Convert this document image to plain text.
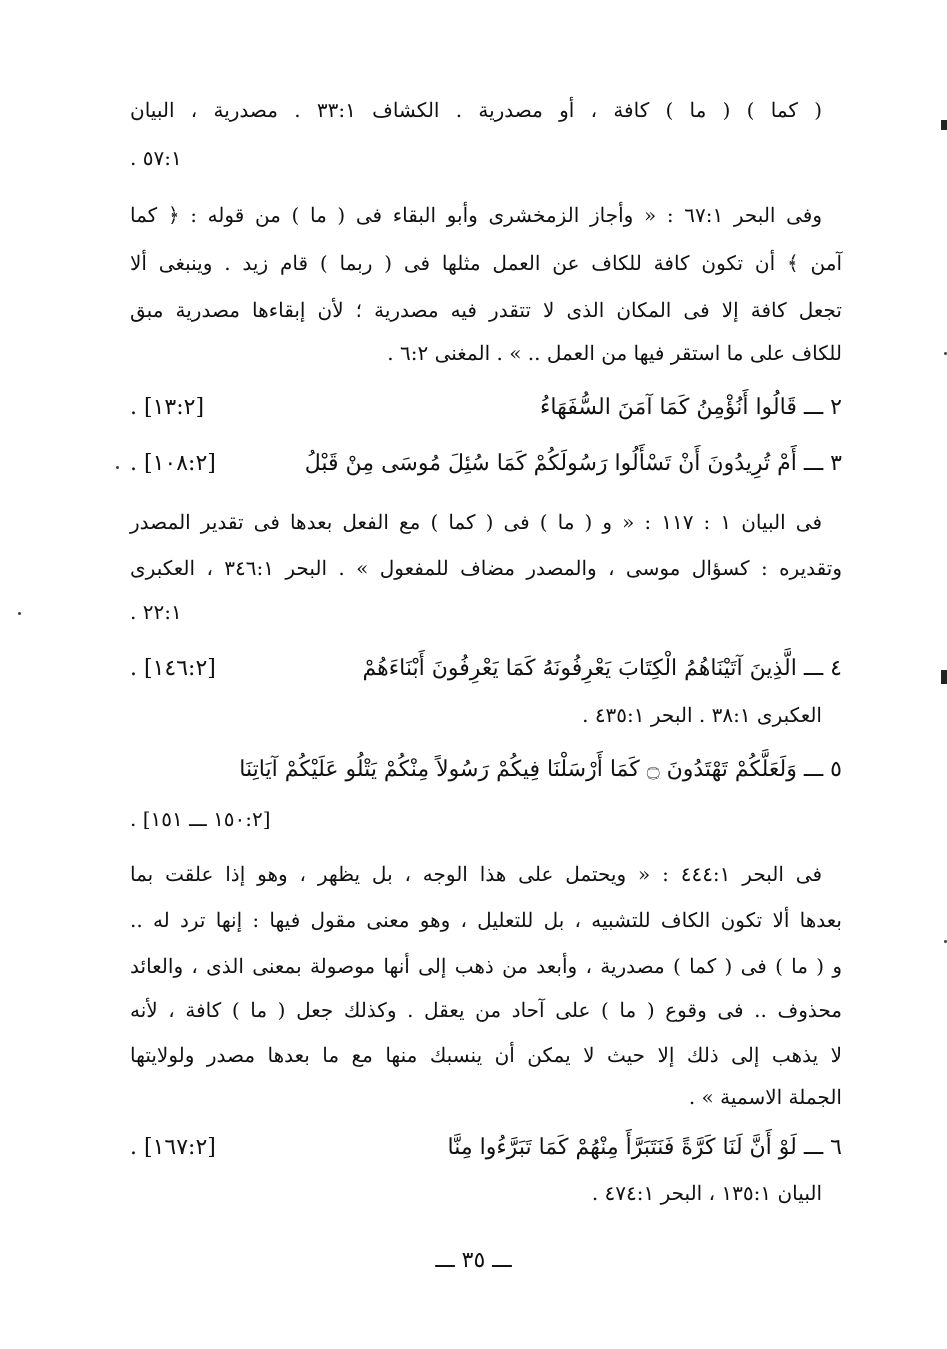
( كما ) ( ما ) كافة ، أو مصدرية . الكشاف ٣٣:١ . مصدرية ، البيان
. ٥٧:١
وفى البحر ٦٧:١ : « وأجاز الزمخشرى وأبو البقاء فى ( ما ) من قوله : ﴿ كما
آمن ﴾ أن تكون كافة للكاف عن العمل مثلها فى ( ربما ) قام زيد . وينبغى ألا
تجعل كافة إلا فى المكان الذى لا تتقدر فيه مصدرية ؛ لأن إبقاءها مصدرية مبق
للكاف على ما استقر فيها من العمل .. » . المغنى ٦:٢ .
٢ ـــ قَالُوا أَنُؤْمِنُ كَمَا آمَنَ السُّفَهَاءُ
[١٣:٢] .
٣ ـــ أَمْ تُرِيدُونَ أَنْ تَسْأَلُوا رَسُولَكُمْ كَمَا سُئِلَ مُوسَى مِنْ قَبْلُ
[١٠٨:٢] .
فى البيان ١ : ١١٧ : « و ( ما ) فى ( كما ) مع الفعل بعدها فى تقدير المصدر
وتقديره : كسؤال موسى ، والمصدر مضاف للمفعول » . البحر ٣٤٦:١ ، العكبرى
. ٢٢:١
٤ ـــ الَّذِينَ آتَيْنَاهُمُ الْكِتَابَ يَعْرِفُونَهُ كَمَا يَعْرِفُونَ أَبْنَاءَهُمْ
[١٤٦:٢] .
العكبرى ٣٨:١ . البحر ٤٣٥:١ .
٥ ـــ وَلَعَلَّكُمْ تَهْتَدُونَ ۝ كَمَا أَرْسَلْنَا فِيكُمْ رَسُولاً مِنْكُمْ يَتْلُو عَلَيْكُمْ آيَاتِنَا
[١٥٠:٢ ـــ ١٥١] .
فى البحر ٤٤٤:١ : « ويحتمل على هذا الوجه ، بل يظهر ، وهو إذا علقت بما
بعدها ألا تكون الكاف للتشبيه ، بل للتعليل ، وهو معنى مقول فيها : إنها ترد له ..
و ( ما ) فى ( كما ) مصدرية ، وأبعد من ذهب إلى أنها موصولة بمعنى الذى ، والعائد
محذوف .. فى وقوع ( ما ) على آحاد من يعقل . وكذلك جعل ( ما ) كافة ، لأنه
لا يذهب إلى ذلك إلا حيث لا يمكن أن ينسبك منها مع ما بعدها مصدر ولولايتها
الجملة الاسمية » .
٦ ـــ لَوْ أَنَّ لَنَا كَرَّةً فَنَتَبَرَّأَ مِنْهُمْ كَمَا تَبَرَّءُوا مِنَّا
[١٦٧:٢] .
البيان ١٣٥:١ ، البحر ٤٧٤:١ .
ـــ ٣٥ ـــ
